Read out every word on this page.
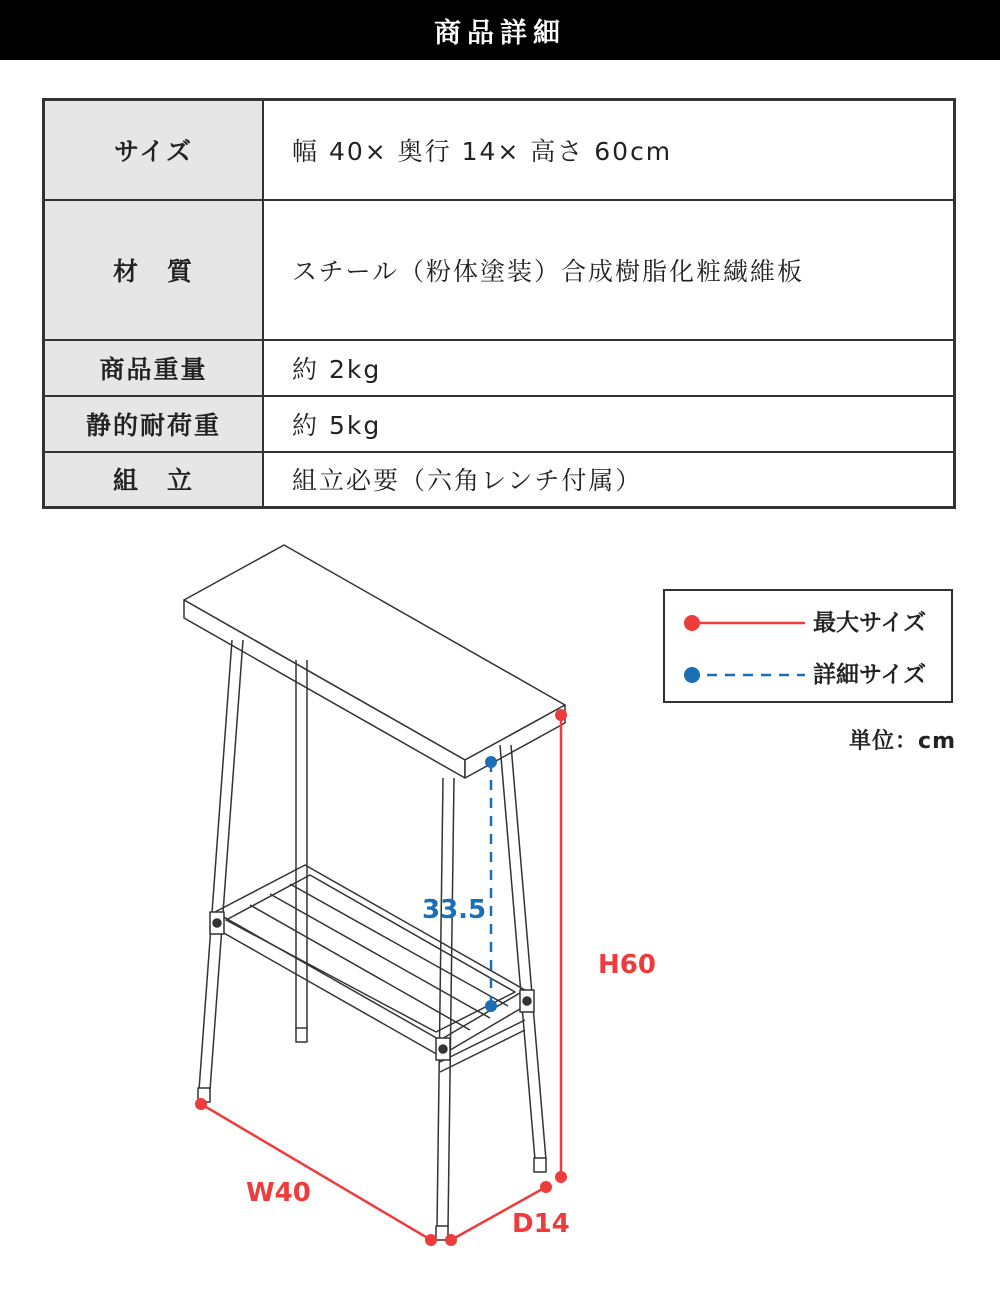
商品詳細
サイズ	幅 40× 奥行 14× 高さ 60cm
材　質	スチール（粉体塗装）合成樹脂化粧繊維板
商品重量	約 2kg
静的耐荷重	約 5kg
組　立	組立必要（六角レンチ付属）
最大サイズ
詳細サイズ
単位：cm
33.5
H60
W40
D14
